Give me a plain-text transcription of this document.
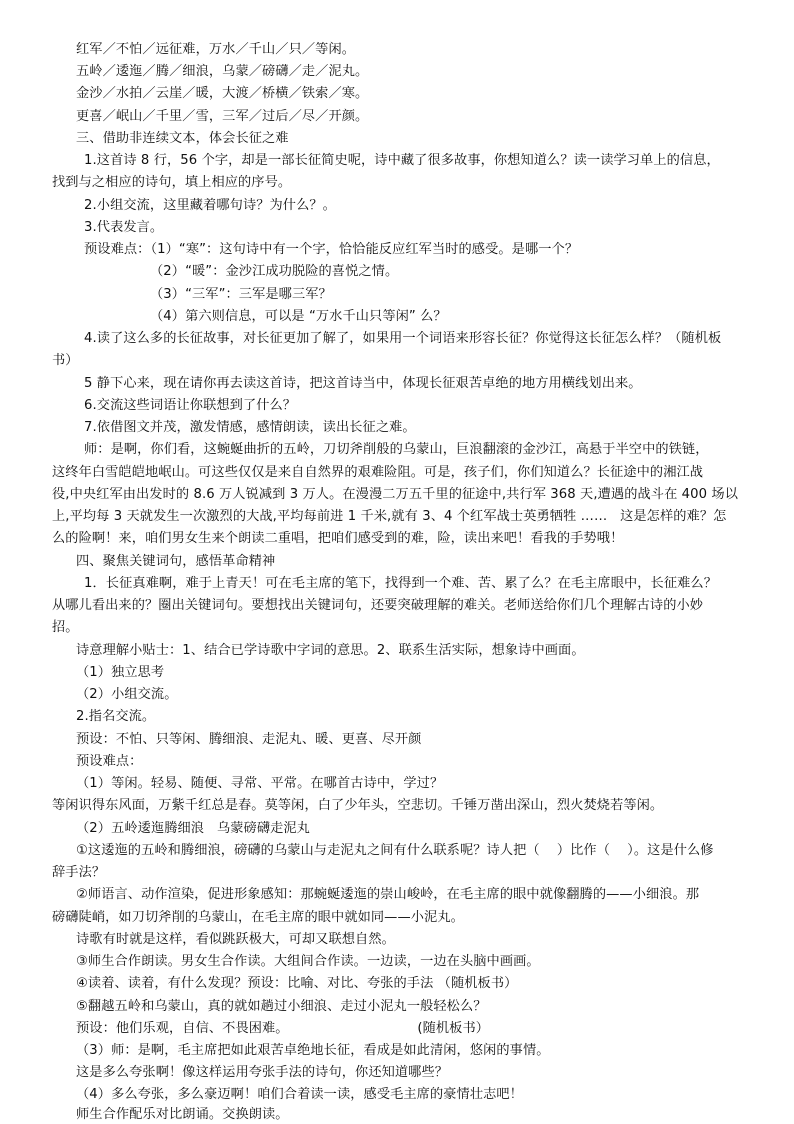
红军／不怕／远征难，万水／千山／只／等闲。
五岭／逶迤／腾／细浪，乌蒙／磅礴／走／泥丸。
金沙／水拍／云崖／暖，大渡／桥横／铁索／寒。
更喜／岷山／千里／雪，三军／过后／尽／开颜。
三、借助非连续文本，体会长征之难
1.这首诗 8 行，56 个字，却是一部长征简史呢，诗中藏了很多故事，你想知道么？读一读学习单上的信息，
找到与之相应的诗句，填上相应的序号。
2.小组交流，这里藏着哪句诗？为什么？。
3.代表发言。
预设难点：（1）“寒”：这句诗中有一个字，恰恰能反应红军当时的感受。是哪一个？
（2）“暖”：金沙江成功脱险的喜悦之情。
（3）“三军”：三军是哪三军？
（4）第六则信息，可以是 “万水千山只等闲” 么？
4.读了这么多的长征故事，对长征更加了解了，如果用一个词语来形容长征？你觉得这长征怎么样？（随机板
书）
5 静下心来，现在请你再去读这首诗，把这首诗当中，体现长征艰苦卓绝的地方用横线划出来。
6.交流这些词语让你联想到了什么？
7.依借图文并茂，激发情感，感情朗读，读出长征之难。
师：是啊，你们看，这蜿蜒曲折的五岭，刀切斧削般的乌蒙山，巨浪翻滚的金沙江，高悬于半空中的铁链，
这终年白雪皑皑地岷山。可这些仅仅是来自自然界的艰难险阻。可是，孩子们，你们知道么？长征途中的湘江战
役,中央红军由出发时的 8.6 万人锐减到 3 万人。在漫漫二万五千里的征途中,共行军 368 天,遭遇的战斗在 400 场以
上,平均每 3 天就发生一次激烈的大战,平均每前进 1 千米,就有 3、4 个红军战士英勇牺牲 ……   这是怎样的难？怎
么的险啊！来，咱们男女生来个朗读二重唱，把咱们感受到的难，险，读出来吧！看我的手势哦！
四、聚焦关键词句，感悟革命精神
1．长征真难啊，难于上青天！可在毛主席的笔下，找得到一个难、苦、累了么？在毛主席眼中，长征难么？
从哪儿看出来的？圈出关键词句。要想找出关键词句，还要突破理解的难关。老师送给你们几个理解古诗的小妙
招。
诗意理解小贴士：1、结合已学诗歌中字词的意思。2、联系生活实际，想象诗中画面。
（1）独立思考
（2）小组交流。
2.指名交流。
预设：不怕、只等闲、腾细浪、走泥丸、暖、更喜、尽开颜
预设难点：
（1）等闲。轻易、随便、寻常、平常。在哪首古诗中，学过？
等闲识得东风面，万紫千红总是春。莫等闲，白了少年头，空悲切。千锤万凿出深山，烈火焚烧若等闲。
（2）五岭逶迤腾细浪   乌蒙磅礴走泥丸
①这逶迤的五岭和腾细浪，磅礴的乌蒙山与走泥丸之间有什么联系呢？诗人把（    ）比作（    ）。这是什么修
辞手法？
②师语言、动作渲染，促进形象感知：那蜿蜒逶迤的崇山峻岭，在毛主席的眼中就像翻腾的——小细浪。那
磅礴陡峭，如刀切斧削的乌蒙山，在毛主席的眼中就如同——小泥丸。
诗歌有时就是这样，看似跳跃极大，可却又联想自然。
③师生合作朗读。男女生合作读。大组间合作读。一边读，一边在头脑中画画。
④读着、读着，有什么发现？预设：比喻、对比、夸张的手法 （随机板书）
⑤翻越五岭和乌蒙山，真的就如趟过小细浪、走过小泥丸一般轻松么？
预设：他们乐观，自信、不畏困难。                              (随机板书）
（3）师：是啊，毛主席把如此艰苦卓绝地长征，看成是如此清闲，悠闲的事情。
这是多么夸张啊！像这样运用夸张手法的诗句，你还知道哪些？
（4）多么夸张，多么豪迈啊！咱们合着读一读，感受毛主席的豪情壮志吧！
师生合作配乐对比朗诵。交换朗读。
